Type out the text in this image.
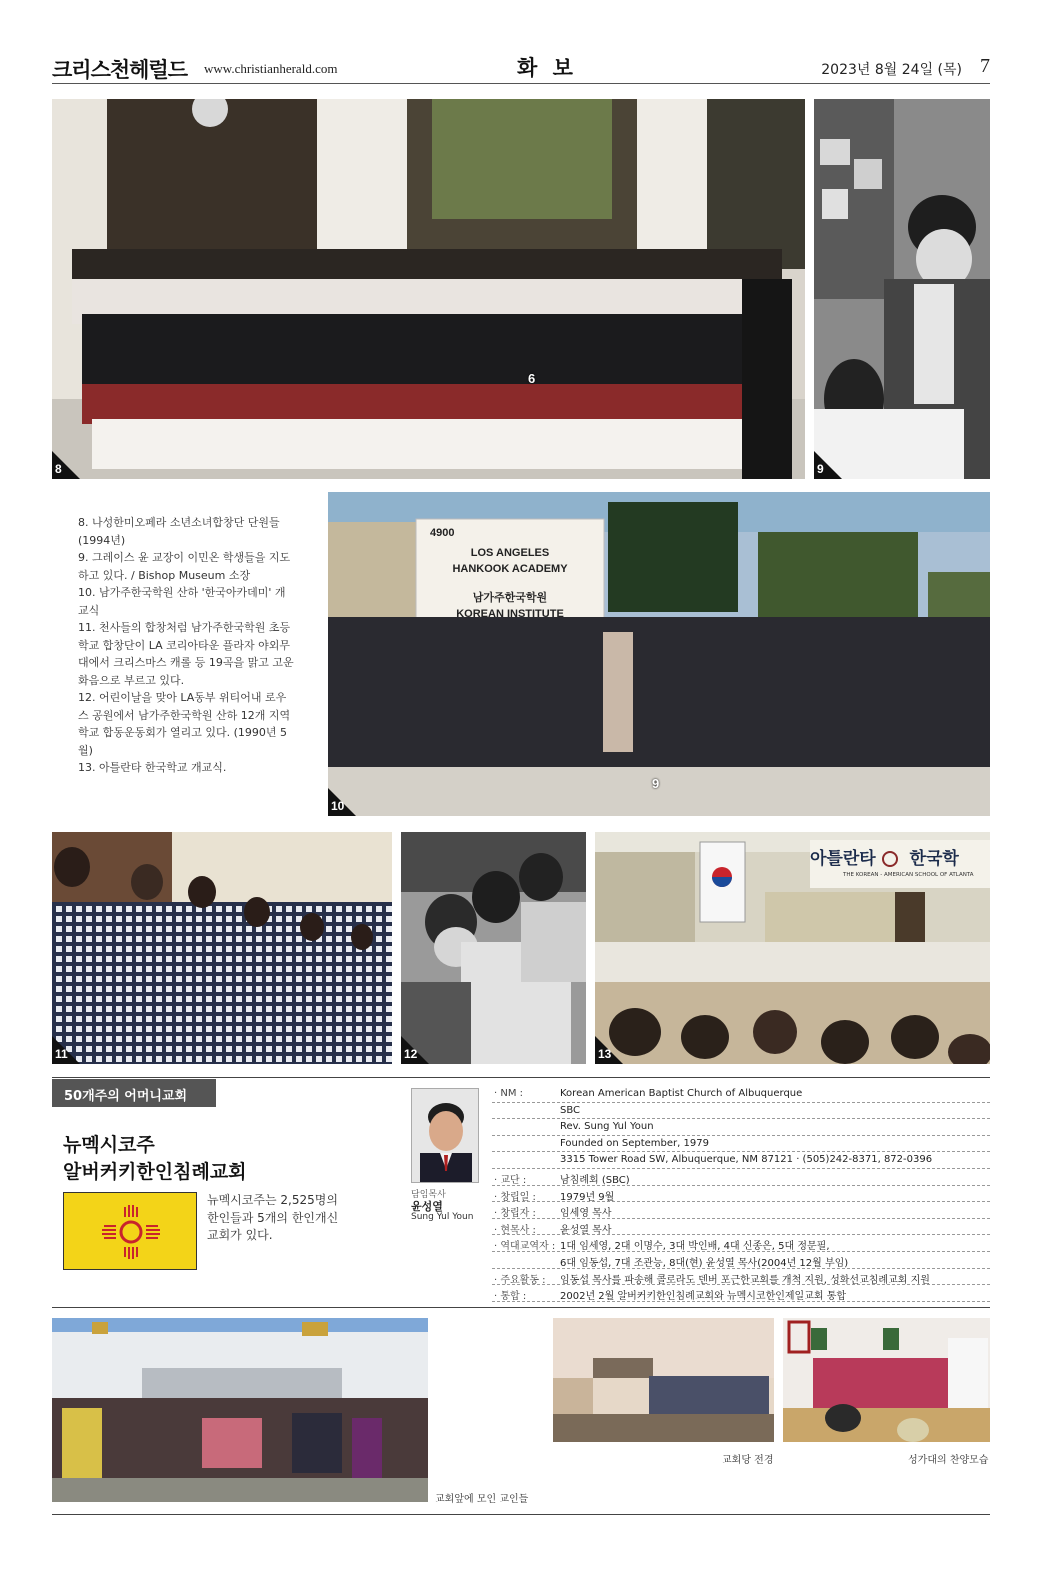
크리스천헤럴드 www.christianherald.com	화 보	2023년 8월 24일 (목) 7
8
6
9

8. 나성한미오페라 소년소녀합창단 단원들 (1994년)

9. 그레이스 윤 교장이 이민온 학생들을 지도하고 있다. / Bishop Museum 소장

10. 남가주한국학원 산하 '한국아카데미' 개교식

11. 천사들의 합창처럼 남가주한국학원 초등학교 합창단이 LA 코리아타운 플라자 야외무대에서 크리스마스 캐롤 등 19곡을 맑고 고운 화음으로 부르고 있다.

12. 어린이날을 맞아 LA동부 위티어내 로우스 공원에서 남가주한국학원 산하 12개 지역학교 합동운동회가 열리고 있다. (1990년 5월)

13. 아틀란타 한국학교 개교식.

4900
LOS ANGELES
HANKOOK ACADEMY
남가주한국학원
KOREAN INSTITUTE
10
9
11	12
아틀란타 한국학
THE KOREAN - AMERICAN SCHOOL OF ATLANTA
13
50개주의 어머니교회
뉴멕시코주
알버커키한인침례교회
뉴멕시코주는 2,525명의 한인들과 5개의 한인개신교회가 있다.
담임목사
윤성열
Sung Yul Youn
· NM :	Korean American Baptist Church of Albuquerque
SBC
Rev. Sung Yul Youn
Founded on September, 1979
3315 Tower Road SW, Albuquerque, NM 87121 · (505)242-8371, 872-0396
· 교단 :	남침례회 (SBC)
· 창립일 : 1979년 9월
· 창립자 : 임세영 목사
· 현목사 : 윤성열 목사
· 역대교역자 : 1대 임세영, 2대 이명수, 3대 박인배, 4대 신종은, 5대 정문필,
6대 임동섭, 7대 조관능, 8대(현) 윤성열 목사(2004년 12월 부임)
· 주요활동 : 임동섭 목사를 파송해 콜로라도 덴버 포근한교회를 개척 지원, 성화선교침례교회 지원
· 통합 :	2002년 2월 알버커키한인침례교회와 뉴멕시코한인제일교회 통합
교회앞에 모인 교인들
교회당 전경	성가대의 찬양모습
